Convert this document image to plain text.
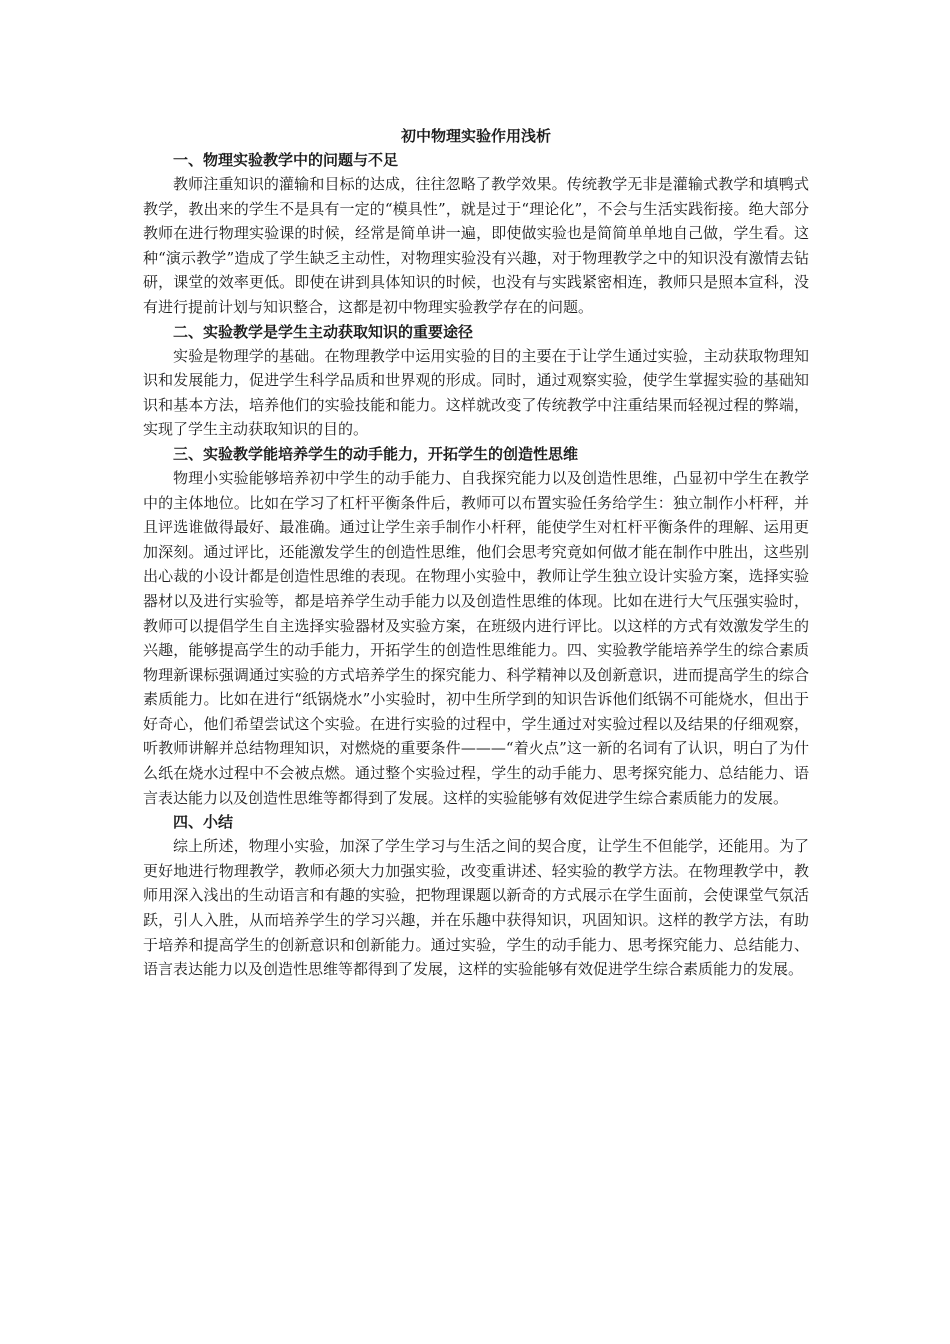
初中物理实验作用浅析

一、物理实验教学中的问题与不足

教师注重知识的灌输和目标的达成，往往忽略了教学效果。传统教学无非是灌输式教学和填鸭式教学，教出来的学生不是具有一定的“模具性”，就是过于“理论化”，不会与生活实践衔接。绝大部分教师在进行物理实验课的时候，经常是简单讲一遍，即使做实验也是简简单单地自己做，学生看。这种“演示教学”造成了学生缺乏主动性，对物理实验没有兴趣，对于物理教学之中的知识没有激情去钻研，课堂的效率更低。即使在讲到具体知识的时候，也没有与实践紧密相连，教师只是照本宣科，没有进行提前计划与知识整合，这都是初中物理实验教学存在的问题。

二、实验教学是学生主动获取知识的重要途径

实验是物理学的基础。在物理教学中运用实验的目的主要在于让学生通过实验，主动获取物理知识和发展能力，促进学生科学品质和世界观的形成。同时，通过观察实验，使学生掌握实验的基础知识和基本方法，培养他们的实验技能和能力。这样就改变了传统教学中注重结果而轻视过程的弊端，实现了学生主动获取知识的目的。

三、实验教学能培养学生的动手能力，开拓学生的创造性思维

物理小实验能够培养初中学生的动手能力、自我探究能力以及创造性思维，凸显初中学生在教学中的主体地位。比如在学习了杠杆平衡条件后，教师可以布置实验任务给学生：独立制作小杆秤，并且评选谁做得最好、最准确。通过让学生亲手制作小杆秤，能使学生对杠杆平衡条件的理解、运用更加深刻。通过评比，还能激发学生的创造性思维，他们会思考究竟如何做才能在制作中胜出，这些别出心裁的小设计都是创造性思维的表现。在物理小实验中，教师让学生独立设计实验方案，选择实验器材以及进行实验等，都是培养学生动手能力以及创造性思维的体现。比如在进行大气压强实验时，教师可以提倡学生自主选择实验器材及实验方案，在班级内进行评比。以这样的方式有效激发学生的兴趣，能够提高学生的动手能力，开拓学生的创造性思维能力。四、实验教学能培养学生的综合素质物理新课标强调通过实验的方式培养学生的探究能力、科学精神以及创新意识，进而提高学生的综合素质能力。比如在进行“纸锅烧水”小实验时，初中生所学到的知识告诉他们纸锅不可能烧水，但出于好奇心，他们希望尝试这个实验。在进行实验的过程中，学生通过对实验过程以及结果的仔细观察，听教师讲解并总结物理知识，对燃烧的重要条件———“着火点”这一新的名词有了认识，明白了为什么纸在烧水过程中不会被点燃。通过整个实验过程，学生的动手能力、思考探究能力、总结能力、语言表达能力以及创造性思维等都得到了发展。这样的实验能够有效促进学生综合素质能力的发展。

四、小结

综上所述，物理小实验，加深了学生学习与生活之间的契合度，让学生不但能学，还能用。为了更好地进行物理教学，教师必须大力加强实验，改变重讲述、轻实验的教学方法。在物理教学中，教师用深入浅出的生动语言和有趣的实验，把物理课题以新奇的方式展示在学生面前，会使课堂气氛活跃，引人入胜，从而培养学生的学习兴趣，并在乐趣中获得知识，巩固知识。这样的教学方法，有助于培养和提高学生的创新意识和创新能力。通过实验，学生的动手能力、思考探究能力、总结能力、语言表达能力以及创造性思维等都得到了发展，这样的实验能够有效促进学生综合素质能力的发展。
